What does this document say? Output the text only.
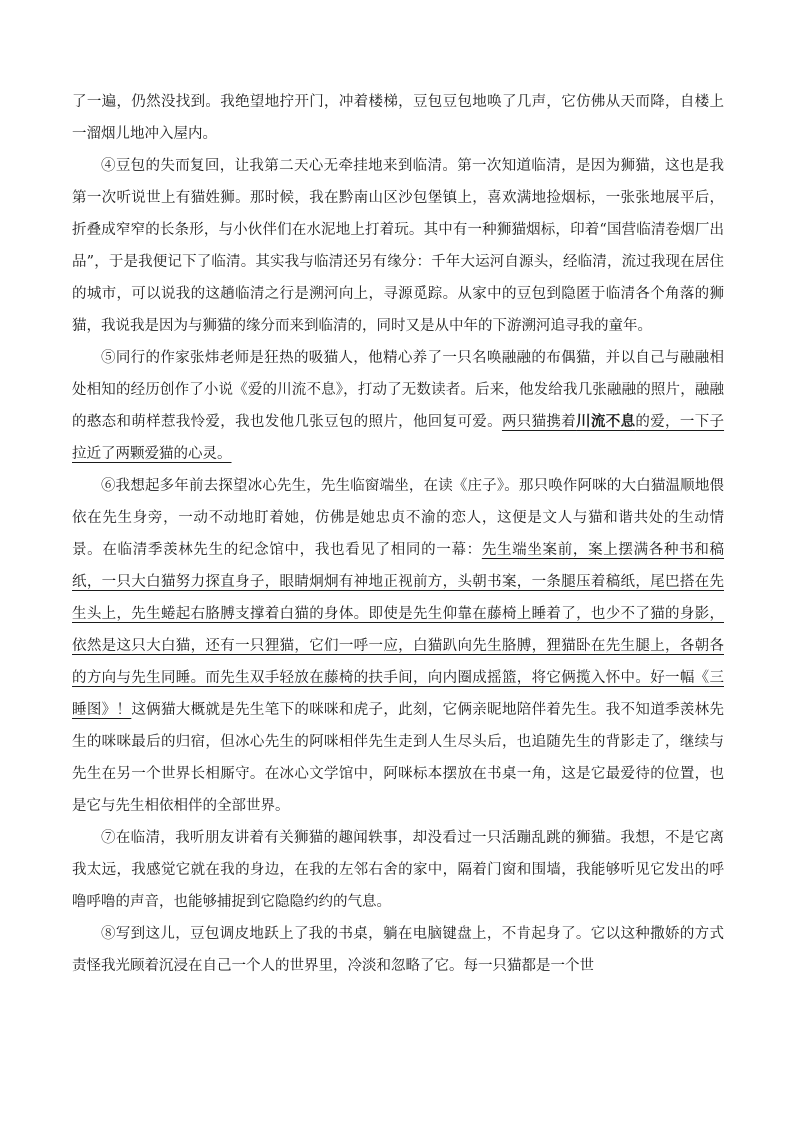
了一遍，仍然没找到。我绝望地拧开门，冲着楼梯，豆包豆包地唤了几声，它仿佛从天而降，自楼上一溜烟儿地冲入屋内。

④豆包的失而复回，让我第二天心无牵挂地来到临清。第一次知道临清，是因为狮猫，这也是我第一次听说世上有猫姓狮。那时候，我在黔南山区沙包堡镇上，喜欢满地捡烟标，一张张地展平后，折叠成窄窄的长条形，与小伙伴们在水泥地上打着玩。其中有一种狮猫烟标，印着“国营临清卷烟厂出品”，于是我便记下了临清。其实我与临清还另有缘分：千年大运河自源头，经临清，流过我现在居住的城市，可以说我的这趟临清之行是溯河向上，寻源觅踪。从家中的豆包到隐匿于临清各个角落的狮猫，我说我是因为与狮猫的缘分而来到临清的，同时又是从中年的下游溯河追寻我的童年。

⑤同行的作家张炜老师是狂热的吸猫人，他精心养了一只名唤融融的布偶猫，并以自己与融融相处相知的经历创作了小说《爱的川流不息》，打动了无数读者。后来，他发给我几张融融的照片，融融的憨态和萌样惹我怜爱，我也发他几张豆包的照片，他回复可爱。两只猫携着川流不息的爱，一下子拉近了两颗爱猫的心灵。

⑥我想起多年前去探望冰心先生，先生临窗端坐，在读《庄子》。那只唤作阿咪的大白猫温顺地偎依在先生身旁，一动不动地盯着她，仿佛是她忠贞不渝的恋人，这便是文人与猫和谐共处的生动情景。在临清季羡林先生的纪念馆中，我也看见了相同的一幕：先生端坐案前，案上摆满各种书和稿纸，一只大白猫努力探直身子，眼睛炯炯有神地正视前方，头朝书案，一条腿压着稿纸，尾巴搭在先生头上，先生蜷起右胳膊支撑着白猫的身体。即使是先生仰靠在藤椅上睡着了，也少不了猫的身影，依然是这只大白猫，还有一只狸猫，它们一呼一应，白猫趴向先生胳膊，狸猫卧在先生腿上，各朝各的方向与先生同睡。而先生双手轻放在藤椅的扶手间，向内圈成摇篮，将它俩揽入怀中。好一幅《三睡图》！这俩猫大概就是先生笔下的咪咪和虎子，此刻，它俩亲昵地陪伴着先生。我不知道季羡林先生的咪咪最后的归宿，但冰心先生的阿咪相伴先生走到人生尽头后，也追随先生的背影走了，继续与先生在另一个世界长相厮守。在冰心文学馆中，阿咪标本摆放在书桌一角，这是它最爱待的位置，也是它与先生相依相伴的全部世界。

⑦在临清，我听朋友讲着有关狮猫的趣闻轶事，却没看过一只活蹦乱跳的狮猫。我想，不是它离我太远，我感觉它就在我的身边，在我的左邻右舍的家中，隔着门窗和围墙，我能够听见它发出的呼噜呼噜的声音，也能够捕捉到它隐隐约约的气息。

⑧写到这儿，豆包调皮地跃上了我的书桌，躺在电脑键盘上，不肯起身了。它以这种撒娇的方式责怪我光顾着沉浸在自己一个人的世界里，冷淡和忽略了它。每一只猫都是一个世
